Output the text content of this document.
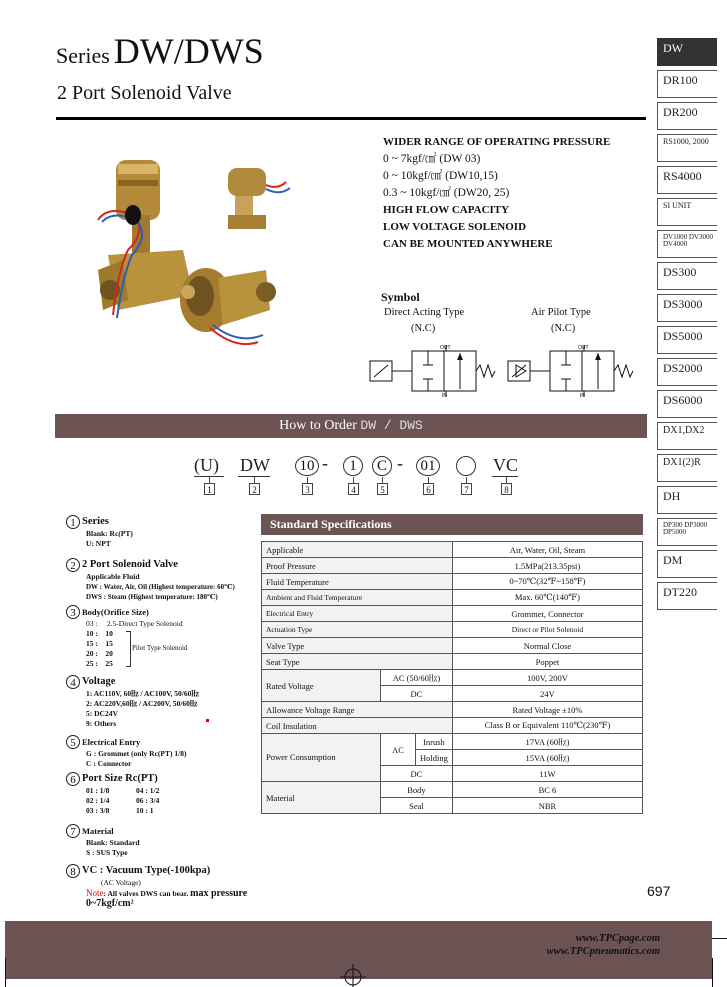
Series DW/DWS
2 Port Solenoid Valve
DW
DR100
DR200
RS1000, 2000
RS4000
SI UNIT
DV1000 DV3000 DV4000
DS300
DS3000
DS5000
DS2000
DS6000
DX1,DX2
DX1(2)R
DH
DP300 DP3000 DP5000
DM
DT220
WIDER RANGE OF OPERATING PRESSURE
0 ~ 7kgf/㎠ (DW 03)
0 ~ 10kgf/㎠ (DW10,15)
0.3 ~ 10kgf/㎠ (DW20, 25)
HIGH FLOW CAPACITY
LOW VOLTAGE SOLENOID
CAN BE MOUNTED ANYWHERE
Symbol
Direct Acting Type
(N.C)
Air Pilot Type
(N.C)
OUT
IN
OUT
IN
How to Order DW / DWS
(U) DW	10 -	1	C -	01	VC
1	2	3	4	5	6	7	8
1 Series
Blank: Rc(PT)
U: NPT
2 2 Port Solenoid Valve
Applicable Fluid
DW : Water, Air, Oil (Highest temperature: 60℃)
DWS : Steam (Highest temperature: 180℃)
3 Body(Orifice Size)
03 :     2.5-Direct Type Solenoid
10 :    10
15 :    15
20 :    20
25 :    25
Pilot Type Solenoid
4 Voltage
1: AC110V, 60㎐ / AC100V, 50/60㎐
2: AC220V,60㎐ / AC200V, 50/60㎐
5: DC24V
9: Others
5 Electrical Entry
G : Grommet (only Rc(PT) 1/8)
C : Connector
6 Port Size Rc(PT)
01 : 1/8	04 : 1/2
02 : 1/4	06 : 3/4
03 : 3/8	10 : 1
7 Material
Blank: Standard
S : SUS Type
8 VC : Vacuum Type(-100kpa)
(AC Voltage)
Note: All valves DWS can bear. max pressure
0~7kgf/cm²
Standard Specifications
Applicable			Air, Water, Oil, Steam
Proof Pressure			1.5MPa(213.35psi)
Fluid Temperature			0~70℃(32℉~158℉)
Ambient and Fluid Temperature			Max. 60℃(140℉)
Electrical Entry			Grommet, Connector
Actuation Type			Direct or Pilot Solenoid
Valve Type			Normal Close
Seat Type			Poppet
Rated Voltage	AC (50/60㎐)		100V, 200V
	DC		24V
Allowance Voltage Range			Rated Voltage ±10%
Coil Insulation			Class B or Equivalent 110℃(230℉)
Power Consumption	AC	Inrush	17VA (60㎐)
		Holding	15VA (60㎐)
	DC		11W
Material	Body		BC 6
	Seal		NBR
697
www.TPCpage.com
www.TPCpneumatics.com
